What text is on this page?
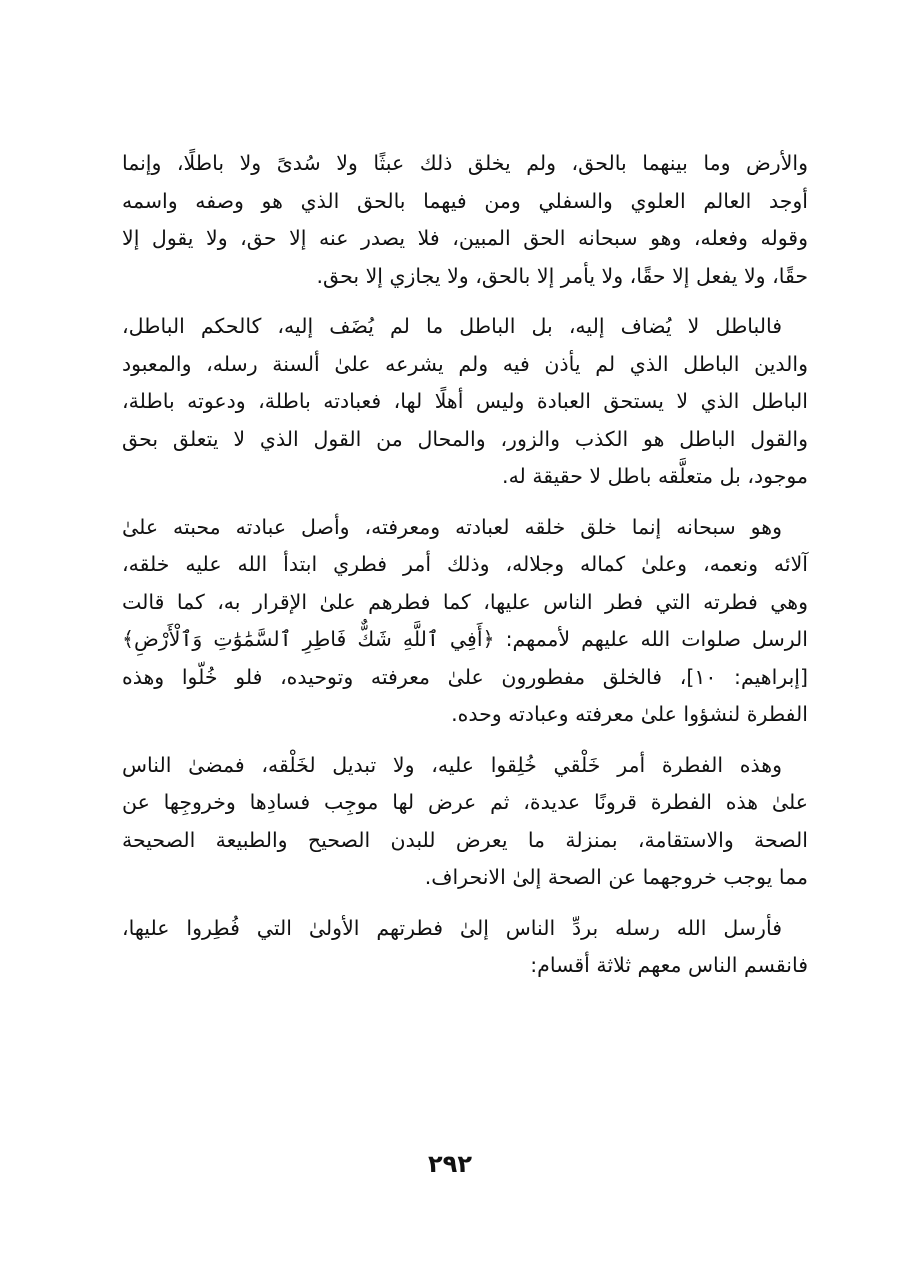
والأرض وما بينهما بالحق، ولم يخلق ذلك عبثًا ولا سُدىً ولا باطلًا، وإنما
أوجد العالم العلوي والسفلي ومن فيهما بالحق الذي هو وصفه واسمه
وقوله وفعله، وهو سبحانه الحق المبين، فلا يصدر عنه إلا حق، ولا يقول إلا
حقًا، ولا يفعل إلا حقًا، ولا يأمر إلا بالحق، ولا يجازي إلا بحق.

فالباطل لا يُضاف إليه، بل الباطل ما لم يُضَف إليه، كالحكم الباطل،
والدين الباطل الذي لم يأذن فيه ولم يشرعه علىٰ ألسنة رسله، والمعبود
الباطل الذي لا يستحق العبادة وليس أهلًا لها، فعبادته باطلة، ودعوته باطلة،
والقول الباطل هو الكذب والزور، والمحال من القول الذي لا يتعلق بحق
موجود، بل متعلَّقه باطل لا حقيقة له.

وهو سبحانه إنما خلق خلقه لعبادته ومعرفته، وأصل عبادته محبته علىٰ
آلائه ونعمه، وعلىٰ كماله وجلاله، وذلك أمر فطري ابتدأ الله عليه خلقه،
وهي فطرته التي فطر الناس عليها، كما فطرهم علىٰ الإقرار به، كما قالت
الرسل صلوات الله عليهم لأممهم: ﴿أَفِي ٱللَّهِ شَكٌّ فَاطِرِ ٱلسَّمَٰوَٰتِ وَٱلْأَرْضِ﴾
[إبراهيم: ١٠]، فالخلق مفطورون علىٰ معرفته وتوحيده، فلو خُلّوا وهذه
الفطرة لنشؤوا علىٰ معرفته وعبادته وحده.

وهذه الفطرة أمر خَلْقي خُلِقوا عليه، ولا تبديل لخَلْقه، فمضىٰ الناس
علىٰ هذه الفطرة قرونًا عديدة، ثم عرض لها موجِب فسادِها وخروجِها عن
الصحة والاستقامة، بمنزلة ما يعرض للبدن الصحيح والطبيعة الصحيحة
مما يوجب خروجهما عن الصحة إلىٰ الانحراف.

فأرسل الله رسله بردِّ الناس إلىٰ فطرتهم الأولىٰ التي فُطِروا عليها،
فانقسم الناس معهم ثلاثة أقسام:

٢٩٢
